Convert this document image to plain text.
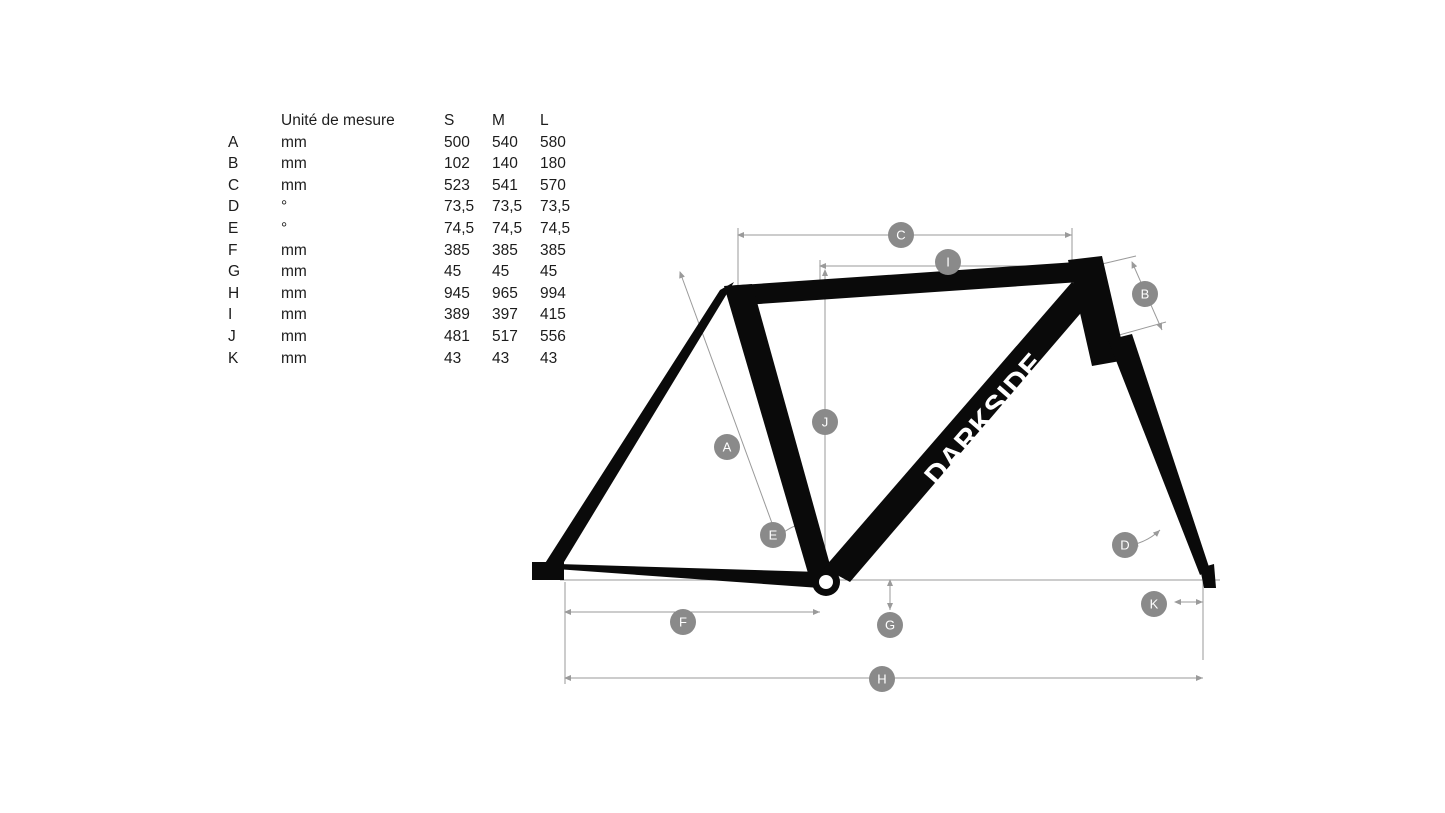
	Unité de mesure	S	M	L
A	mm	500	540	580
B	mm	102	140	180
C	mm	523	541	570
D	°	73,5	73,5	73,5
E	°	74,5	74,5	74,5
F	mm	385	385	385
G	mm	45	45	45
H	mm	945	965	994
I	mm	389	397	415
J	mm	481	517	556
K	mm	43	43	43	DARKSIDE
C
I
B
J
A
E
D
G
F
K
H
